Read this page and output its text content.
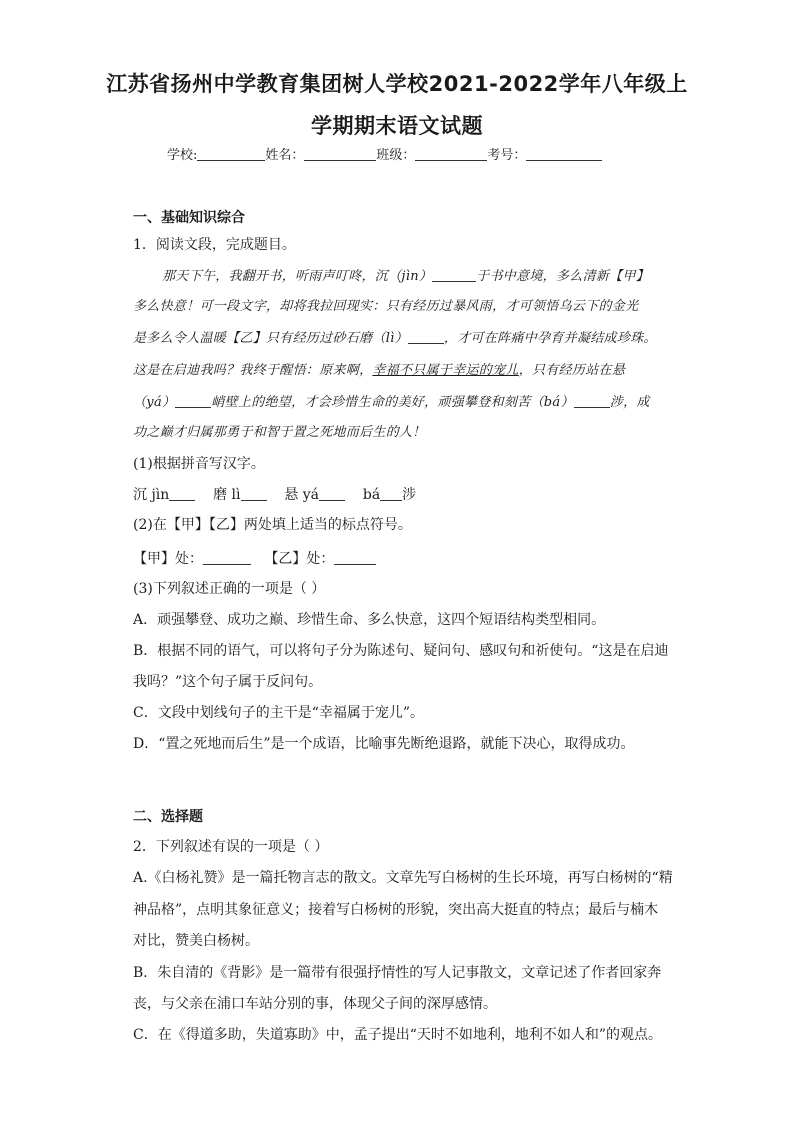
江苏省扬州中学教育集团树人学校2021-2022学年八年级上
学期期末语文试题
学校:	姓名：	班级：	考号：
一、基础知识综合
1．阅读文段，完成题目。
那天下午，我翻开书，听雨声叮咚，沉（jìn）	于书中意境，多么清新【甲】
多么快意！可一段文字，却将我拉回现实：只有经历过暴风雨，才可领悟乌云下的金光
是多么令人温暖【乙】只有经历过砂石磨（lì）	，才可在阵痛中孕育并凝结成珍珠。
这是在启迪我吗？我终于醒悟：原来啊，幸福不只属于幸运的宠儿，只有经历站在悬
（yá）	峭壁上的绝望，才会珍惜生命的美好，顽强攀登和刻苦（bá）	涉，成
功之巅才归属那勇于和智于置之死地而后生的人！
(1)根据拼音写汉字。
沉 jìn	磨 lì	悬 yá	bá 涉
(2)在【甲】【乙】两处填上适当的标点符号。
【甲】处：	【乙】处：
(3)下列叙述正确的一项是（ ）
A．顽强攀登、成功之巅、珍惜生命、多么快意，这四个短语结构类型相同。
B．根据不同的语气，可以将句子分为陈述句、疑问句、感叹句和祈使句。“这是在启迪
我吗？”这个句子属于反问句。
C．文段中划线句子的主干是“幸福属于宠儿”。
D．“置之死地而后生”是一个成语，比喻事先断绝退路，就能下决心，取得成功。
二、选择题
2．下列叙述有误的一项是（ ）
A.《白杨礼赞》是一篇托物言志的散文。文章先写白杨树的生长环境，再写白杨树的“精
神品格”，点明其象征意义；接着写白杨树的形貌，突出高大挺直的特点；最后与楠木
对比，赞美白杨树。
B．朱自清的《背影》是一篇带有很强抒情性的写人记事散文，文章记述了作者回家奔
丧，与父亲在浦口车站分别的事，体现父子间的深厚感情。
C．在《得道多助，失道寡助》中，孟子提出“天时不如地利，地利不如人和”的观点。
